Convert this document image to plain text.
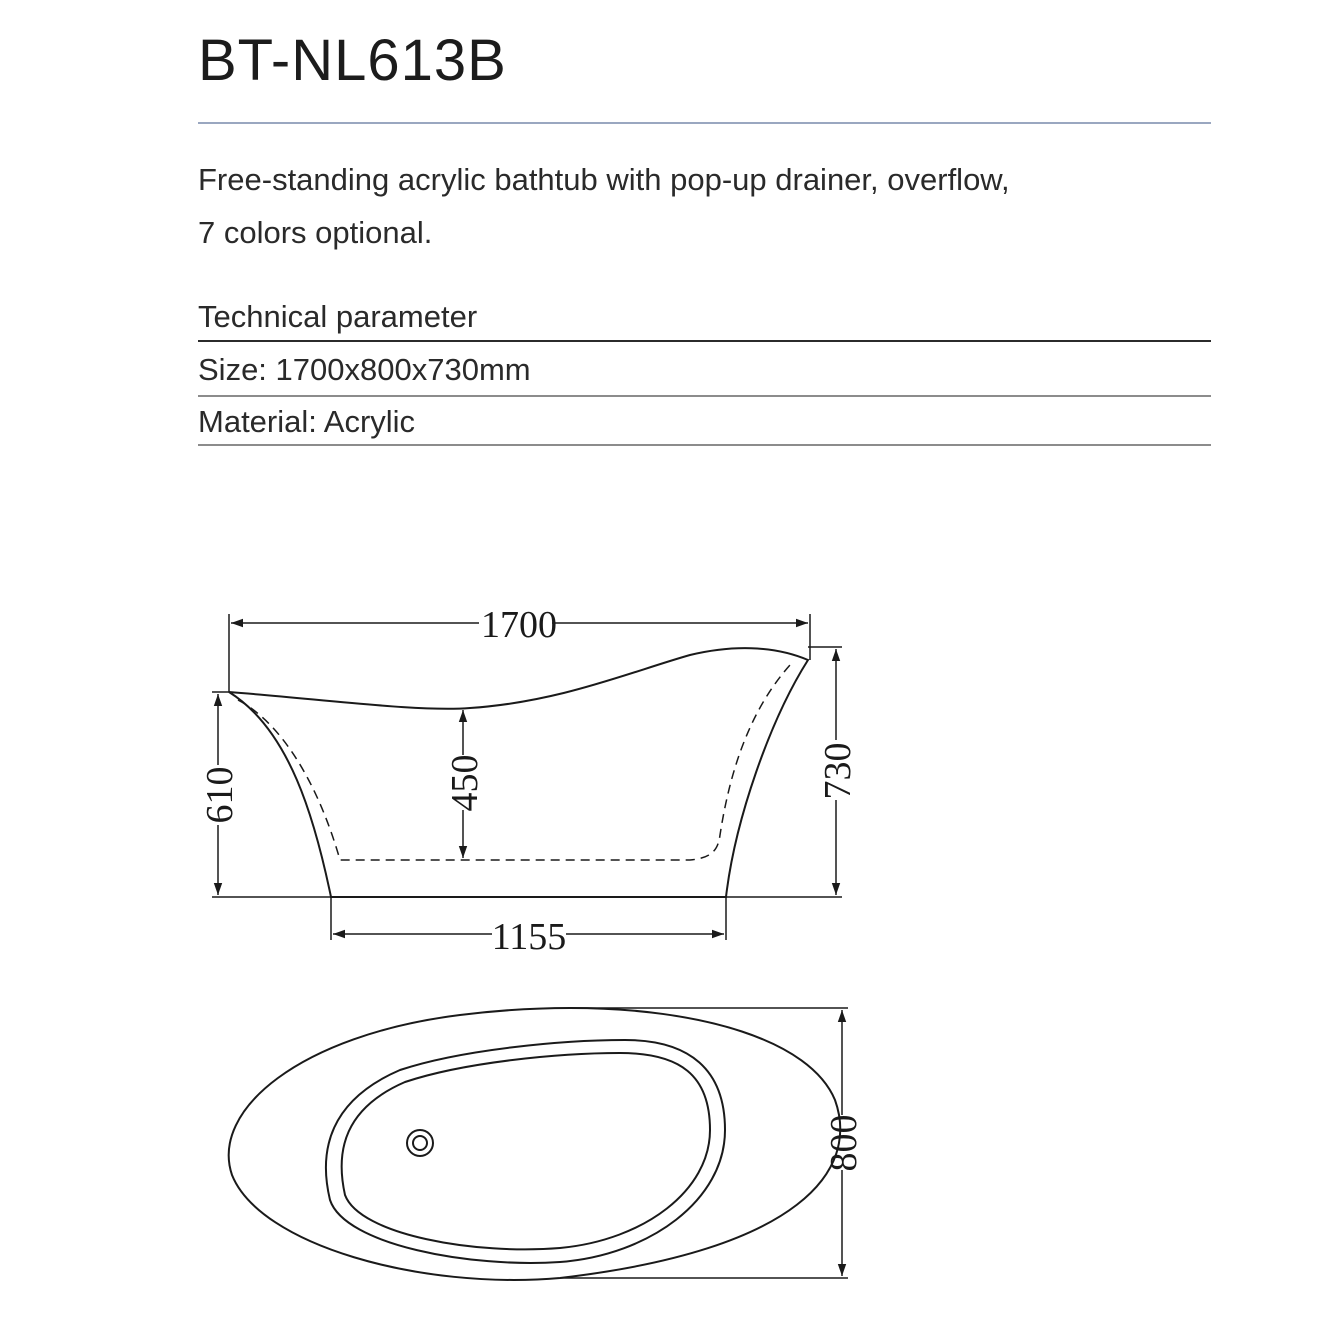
BT-NL613B

Free-standing acrylic bathtub with pop-up drainer, overflow,
7 colors optional.

Technical parameter
Size: 1700x800x730mm
Material: Acrylic
1700
1155
610	450	730
800
